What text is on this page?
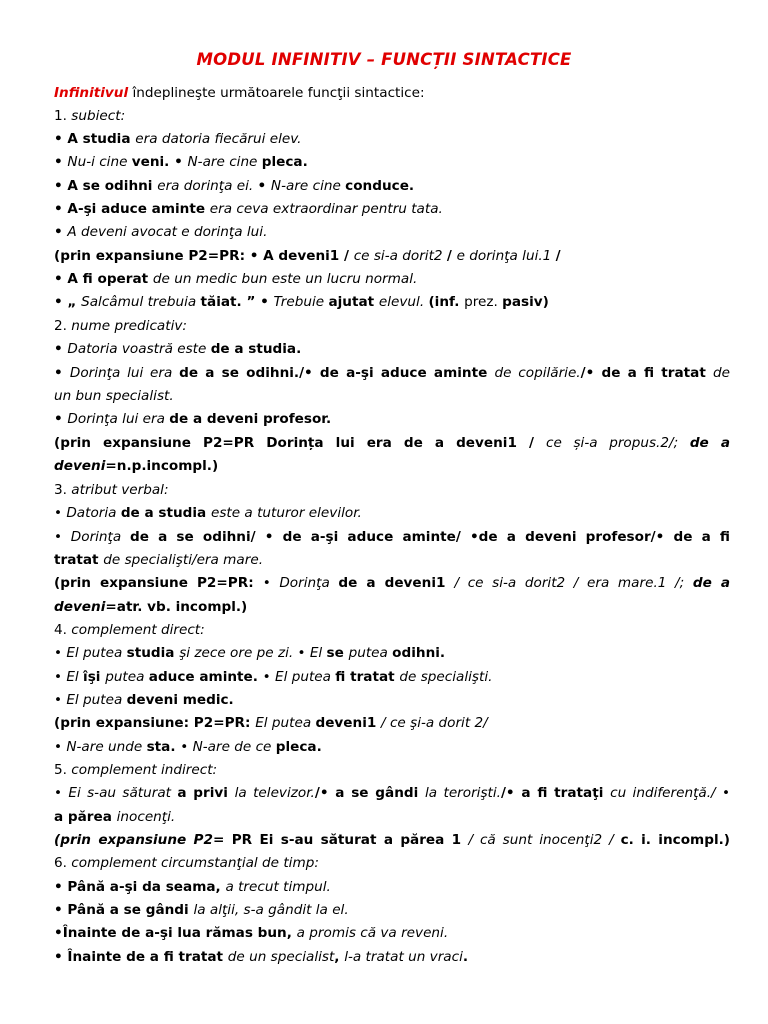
MODUL INFINITIV – FUNCȚII SINTACTICE
Infinitivul îndeplineşte următoarele funcţii sintactice:
1. subiect:
• A studia era datoria fiecărui elev.
• Nu-i cine veni. • N-are cine pleca.
• A se odihni era dorinţa ei. • N-are cine conduce.
• A-şi aduce aminte era ceva extraordinar pentru tata.
• A deveni avocat e dorinţa lui.
(prin expansiune P2=PR: • A deveni1 / ce si-a dorit2 / e dorinţa lui.1 /
• A fi operat de un medic bun este un lucru normal.
• „ Salcâmul trebuia tăiat. ” • Trebuie ajutat elevul. (inf. prez. pasiv)
2. nume predicativ:
• Datoria voastră este de a studia.
• Dorinţa lui era de a se odihni./• de a-şi aduce aminte de copilărie./• de a fi tratat de
un bun specialist.
• Dorinţa lui era de a deveni profesor.
(prin expansiune P2=PR Dorința lui era de a deveni1 / ce și-a propus.2/; de a
deveni=n.p.incompl.)
3. atribut verbal:
• Datoria de a studia este a tuturor elevilor.
• Dorinţa de a se odihni/ • de a-şi aduce aminte/ •de a deveni profesor/• de a fi
tratat de specialişti/era mare.
(prin expansiune P2=PR: • Dorinţa de a deveni1 / ce si-a dorit2 / era mare.1 /; de a
deveni=atr. vb. incompl.)
4. complement direct:
• El putea studia şi zece ore pe zi. • El se putea odihni.
• El îşi putea aduce aminte. • El putea fi tratat de specialişti.
• El putea deveni medic.
(prin expansiune: P2=PR: El putea deveni1 / ce şi-a dorit 2/
• N-are unde sta. • N-are de ce pleca.
5. complement indirect:
• Ei s-au săturat a privi la televizor./• a se gândi la terorişti./• a fi trataţi cu indiferenţă./ •
a părea inocenţi.
(prin expansiune P2= PR Ei s-au săturat a părea 1 / că sunt inocenţi2 / c. i. incompl.)
6. complement circumstanţial de timp:
• Până a-şi da seama, a trecut timpul.
• Până a se gândi la alţii, s-a gândit la el.
•Înainte de a-şi lua rămas bun, a promis că va reveni.
• Înainte de a fi tratat de un specialist, l-a tratat un vracі.
